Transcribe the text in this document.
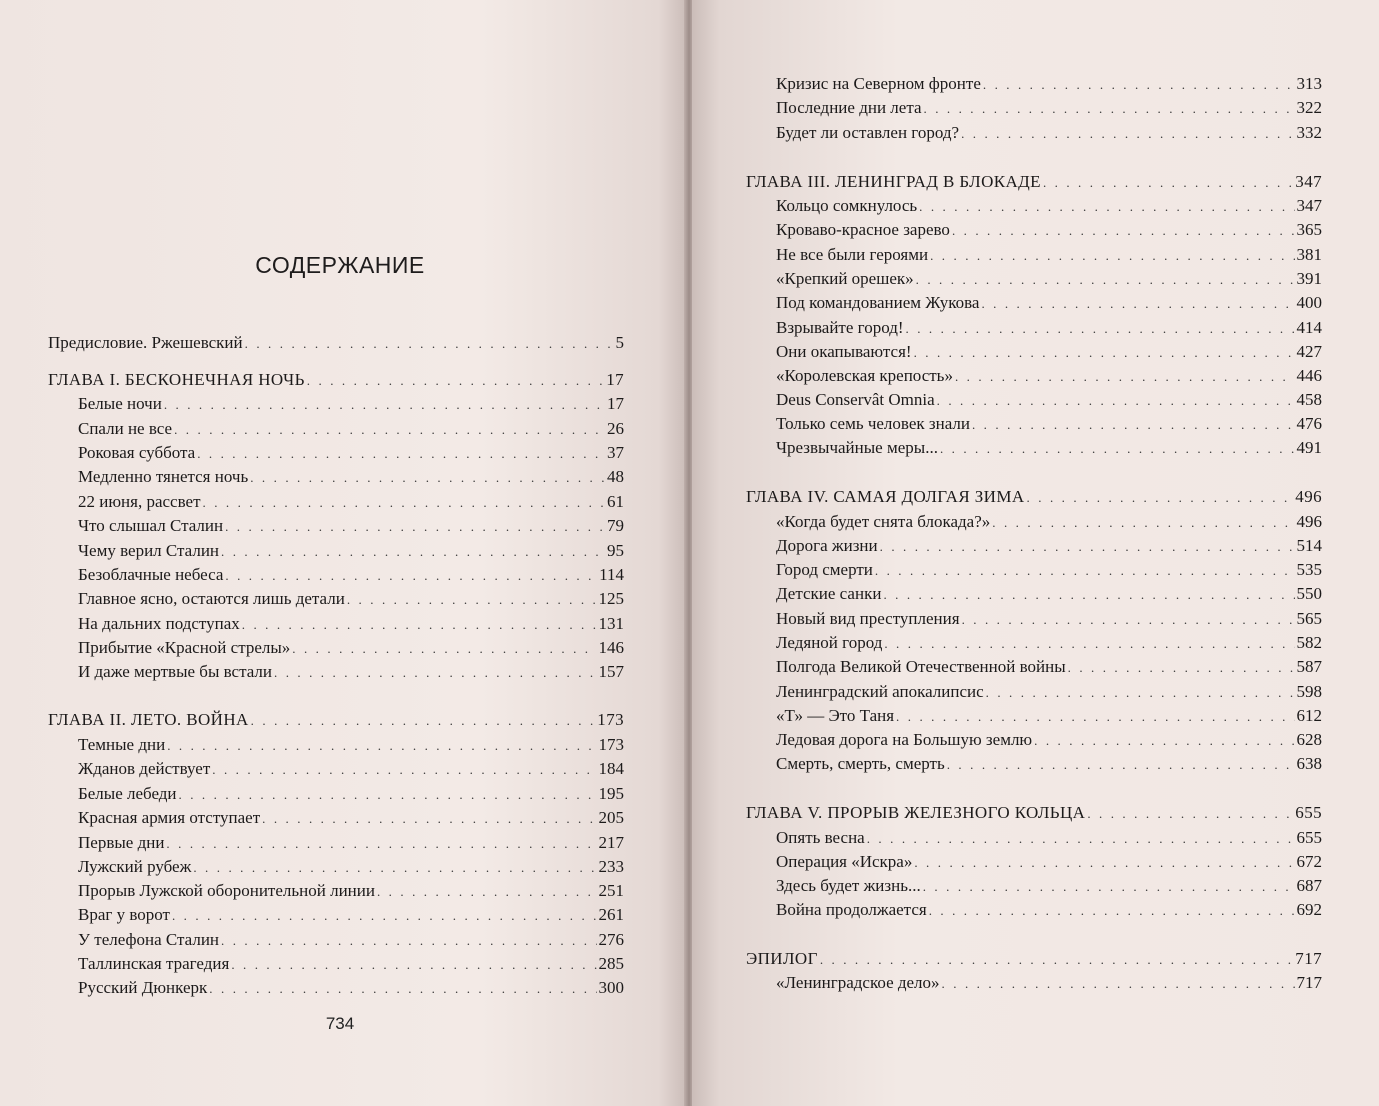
СОДЕРЖАНИЕ
Предисловие. Ржешевский . . .	5
ГЛАВА I. БЕСКОНЕЧНАЯ НОЧЬ . . .	17
Белые ночи . . .	17
Спали не все . . .	26
Роковая суббота . . .	37
Медленно тянется ночь . . .	48
22 июня, рассвет . . .	61
Что слышал Сталин . . .	79
Чему верил Сталин . . .	95
Безоблачные небеса . . .	114
Главное ясно, остаются лишь детали . . .	125
На дальних подступах . . .	131
Прибытие «Красной стрелы» . . .	146
И даже мертвые бы встали . . .	157
ГЛАВА II. ЛЕТО. ВОЙНА . . .	173
Темные дни . . .	173
Жданов действует . . .	184
Белые лебеди . . .	195
Красная армия отступает . . .	205
Первые дни . . .	217
Лужский рубеж . . .	233
Прорыв Лужской оборонительной линии . . .	251
Враг у ворот . . .	261
У телефона Сталин . . .	276
Таллинская трагедия . . .	285
Русский Дюнкерк . . .	300
734
Кризис на Северном фронте . . .	313
Последние дни лета . . .	322
Будет ли оставлен город? . . .	332
ГЛАВА III. ЛЕНИНГРАД В БЛОКАДЕ . . .	347
Кольцо сомкнулось . . .	347
Кроваво-красное зарево . . .	365
Не все были героями . . .	381
«Крепкий орешек» . . .	391
Под командованием Жукова . . .	400
Взрывайте город! . . .	414
Они окапываются! . . .	427
«Королевская крепость» . . .	446
Deus Conservât Omnia . . .	458
Только семь человек знали . . .	476
Чрезвычайные меры... . . .	491
ГЛАВА IV. САМАЯ ДОЛГАЯ ЗИМА . . .	496
«Когда будет снята блокада?» . . .	496
Дорога жизни . . .	514
Город смерти . . .	535
Детские санки . . .	550
Новый вид преступления . . .	565
Ледяной город . . .	582
Полгода Великой Отечественной войны . . .	587
Ленинградский апокалипсис . . .	598
«Т» — Это Таня . . .	612
Ледовая дорога на Большую землю . . .	628
Смерть, смерть, смерть . . .	638
ГЛАВА V. ПРОРЫВ ЖЕЛЕЗНОГО КОЛЬЦА . . .	655
Опять весна . . .	655
Операция «Искра» . . .	672
Здесь будет жизнь... . . .	687
Война продолжается . . .	692
ЭПИЛОГ . . .	717
«Ленинградское дело» . . .	717
